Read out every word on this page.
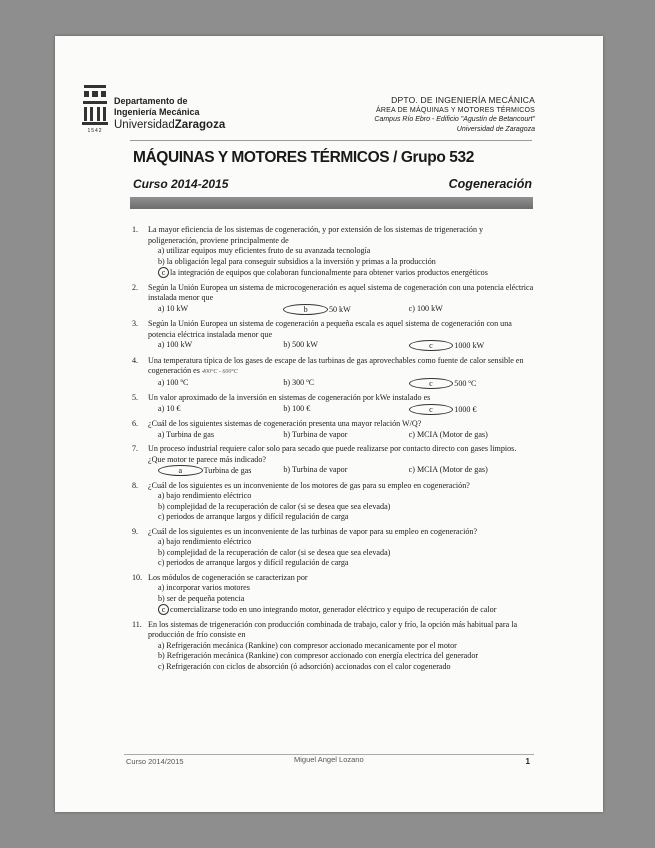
1542
Departamento de
Ingeniería Mecánica
UniversidadZaragoza
DPTO. DE INGENIERÍA MECÁNICA
ÁREA DE MÁQUINAS Y MOTORES TÉRMICOS
Campus Río Ebro - Edificio "Agustín de Betancourt"
Universidad de Zaragoza
MÁQUINAS Y MOTORES TÉRMICOS / Grupo 532
Curso 2014-2015	Cogeneración
1.	La mayor eficiencia de los sistemas de cogeneración, y por extensión de los sistemas de trigeneración y poligeneración, proviene principalmente de
a) utilizar equipos muy eficientes fruto de su avanzada tecnología
b) la obligación legal para conseguir subsidios a la inversión y primas a la producción
c la integración de equipos que colaboran funcionalmente para obtener varios productos energéticos
2.	Según la Unión Europea un sistema de microcogeneración es aquel sistema de cogeneración con una potencia eléctrica instalada menor que
a) 10 kW	b	50 kW	c) 100 kW
3.	Según la Unión Europea un sistema de cogeneración a pequeña escala es aquel sistema de cogeneración con una potencia eléctrica instalada menor que
a) 100 kW	b) 500 kW	c	1000 kW
4.	Una temperatura típica de los gases de escape de las turbinas de gas aprovechables como fuente de calor sensible en cogeneración es 400°C - 600°C
a) 100 ºC	b) 300 ºC	c	500 ºC
5.	Un valor aproximado de la inversión en sistemas de cogeneración por kWe instalado es
a) 10 €	b) 100 €	c	1000 €
6.	¿Cuál de los siguientes sistemas de cogeneración presenta una mayor relación W/Q?
a) Turbina de gas	b) Turbina de vapor	c) MCIA (Motor de gas)
7.	Un proceso industrial requiere calor solo para secado que puede realizarse por contacto directo con gases limpios. ¿Que motor te parece más indicado?
a	Turbina de gas	b) Turbina de vapor	c) MCIA (Motor de gas)
8.	¿Cuál de los siguientes es un inconveniente de los motores de gas para su empleo en cogeneración?
a) bajo rendimiento eléctrico
b) complejidad de la recuperación de calor (si se desea que sea elevada)
c) periodos de arranque largos y difícil regulación de carga
9.	¿Cuál de los siguientes es un inconveniente de las turbinas de vapor para su empleo en cogeneración?
a) bajo rendimiento eléctrico
b) complejidad de la recuperación de calor (si se desea que sea elevada)
c) periodos de arranque largos y difícil regulación de carga
10. Los módulos de cogeneración se caracterizan por
a) incorporar varios motores
b) ser de pequeña potencia
c comercializarse todo en uno integrando motor, generador eléctrico y equipo de recuperación de calor
11. En los sistemas de trigeneración con producción combinada de trabajo, calor y frío, la opción más habitual para la producción de frío consiste en
a) Refrigeración mecánica (Rankine) con compresor accionado mecanicamente por el motor
b) Refrigeración mecánica (Rankine) con compresor accionado con energía electrica del generador
c) Refrigeración con ciclos de absorción (ó adsorción) accionados con el calor cogenerado
Curso 2014/2015	Miguel Angel Lozano	1
